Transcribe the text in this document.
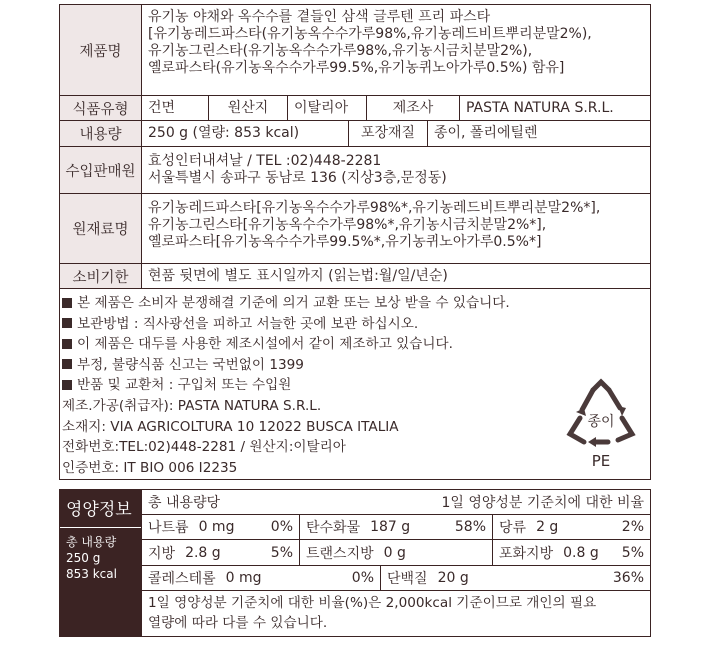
제품명
유기농 야채와 옥수수를 곁들인 삼색 글루텐 프리 파스타
[유기농레드파스타(유기농옥수수가루98%,유기농레드비트뿌리분말2%),
유기농그린스타(유기농옥수수가루98%,유기농시금치분말2%),
옐로파스타(유기농옥수수가루99.5%,유기농퀴노아가루0.5%) 함유]
식품유형	건면	원산지	이탈리아	제조사	PASTA NATURA S.R.L.
내용량	250 g (열량: 853 kcal)	포장재질	종이, 폴리에틸렌
수입판매원
효성인터내셔날 / TEL :02)448-2281
서울특별시 송파구 동남로 136 (지상3층,문정동)
원재료명
유기농레드파스타[유기농옥수수가루98%*,유기농레드비트뿌리분말2%*],
유기농그린스타[유기농옥수수가루98%*,유기농시금치분말2%*],
옐로파스타[유기농옥수수가루99.5%*,유기농퀴노아가루0.5%*]
소비기한	현품 뒷면에 별도 표시일까지 (읽는법:월/일/년순)
본 제품은 소비자 분쟁해결 기준에 의거 교환 또는 보상 받을 수 있습니다.
보관방법 : 직사광선을 피하고 서늘한 곳에 보관 하십시오.
이 제품은 대두를 사용한 제조시설에서 같이 제조하고 있습니다.
부정, 불량식품 신고는 국번없이 1399
반품 및 교환처 : 구입처 또는 수입원
제조.가공(취급자): PASTA NATURA S.R.L.
소재지: VIA AGRICOLTURA 10 12022 BUSCA ITALIA
전화번호:TEL:02)448-2281 / 원산지:이탈리아
인증번호: IT BIO 006 I2235
종이
PE
영양정보
총 내용량
250 g
853 kcal
총 내용량당	1일 영양성분 기준치에 대한 비율
나트륨 0 mg	0% 탄수화물 187 g	58% 당류 2 g	2%
지방 2.8 g	5% 트랜스지방 0 g	포화지방 0.8 g 5%
콜레스테롤 0 mg	0% 단백질 20 g	36%
1일 영양성분 기준치에 대한 비율(%)은 2,000kcal 기준이므로 개인의 필요
열량에 따라 다를 수 있습니다.
